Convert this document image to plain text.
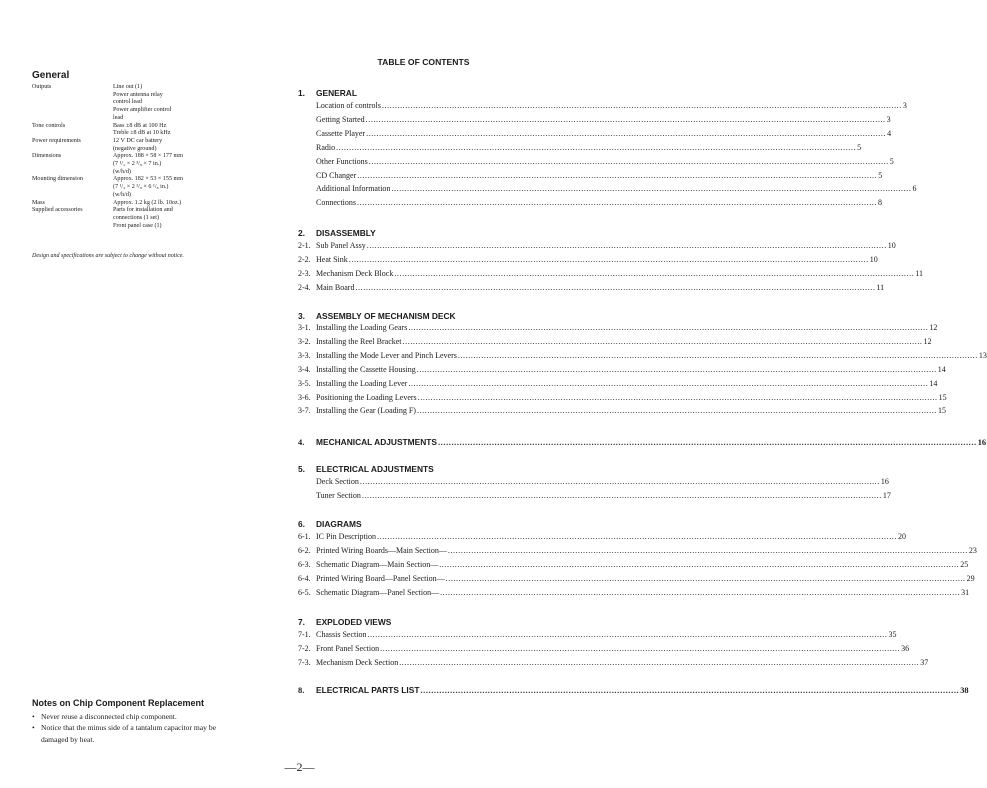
General
Outputs	Line out (1)
Power antenna relay
control lead
Power amplifier control
lead
Tone controls	Bass ±8 dB at 100 Hz
Treble ±8 dB at 10 kHz
Power requirements	12 V DC car battery
(negative ground)
Dimensions	Approx. 188 × 58 × 177 mm
(7 ¹/₂ × 2 ³/₈ × 7 in.)
(w/h/d)
Mounting dimension	Approx. 182 × 53 × 155 mm
(7 ¹/₄ × 2 ¹/₈ × 6 ¹/₈ in.)
(w/h/d)
Mass	Approx. 1.2 kg (2 lb. 10oz.)
Supplied accessories	Parts for installation and
connections (1 set)
Front panel case (1)
Design and specifications are subject to change without notice.
Notes on Chip Component Replacement
• Never reuse a disconnected chip component.
• Notice that the minus side of a tantalum capacitor may be
damaged by heat.
—2—
TABLE OF CONTENTS
1. GENERAL
Location of controls ........................................................................................................................................................................................................ 3
Getting Started ........................................................................................................................................................................................................ 3
Cassette Player ........................................................................................................................................................................................................ 4
Radio ........................................................................................................................................................................................................ 5
Other Functions ........................................................................................................................................................................................................ 5
CD Changer ........................................................................................................................................................................................................ 5
Additional Information ........................................................................................................................................................................................................ 6
Connections ........................................................................................................................................................................................................ 8
2. DISASSEMBLY
2-1. Sub Panel Assy ........................................................................................................................................................................................................ 10
2-2. Heat Sink ........................................................................................................................................................................................................ 10
2-3. Mechanism Deck Block ........................................................................................................................................................................................................ 11
2-4. Main Board ........................................................................................................................................................................................................ 11
3. ASSEMBLY OF MECHANISM DECK
3-1. Installing the Loading Gears ........................................................................................................................................................................................................ 12
3-2. Installing the Reel Bracket ........................................................................................................................................................................................................ 12
3-3. Installing the Mode Lever and Pinch Levers ........................................................................................................................................................................................................ 13
3-4. Installing the Cassette Housing ........................................................................................................................................................................................................ 14
3-5. Installing the Loading Lever ........................................................................................................................................................................................................ 14
3-6. Positioning the Loading Levers ........................................................................................................................................................................................................ 15
3-7. Installing the Gear (Loading F) ........................................................................................................................................................................................................ 15
4.	MECHANICAL ADJUSTMENTS ........................................................................................................................................................................................................ 16
5. ELECTRICAL ADJUSTMENTS
Deck Section ........................................................................................................................................................................................................ 16
Tuner Section ........................................................................................................................................................................................................ 17
6. DIAGRAMS
6-1. IC Pin Description ........................................................................................................................................................................................................ 20
6-2. Printed Wiring Boards—Main Section— ........................................................................................................................................................................................................ 23
6-3. Schematic Diagram—Main Section— ........................................................................................................................................................................................................ 25
6-4. Printed Wiring Board—Panel Section— ........................................................................................................................................................................................................ 29
6-5. Schematic Diagram—Panel Section— ........................................................................................................................................................................................................ 31
7. EXPLODED VIEWS
7-1. Chassis Section ........................................................................................................................................................................................................ 35
7-2. Front Panel Section ........................................................................................................................................................................................................ 36
7-3. Mechanism Deck Section ........................................................................................................................................................................................................ 37
8.	ELECTRICAL PARTS LIST ........................................................................................................................................................................................................ 38
